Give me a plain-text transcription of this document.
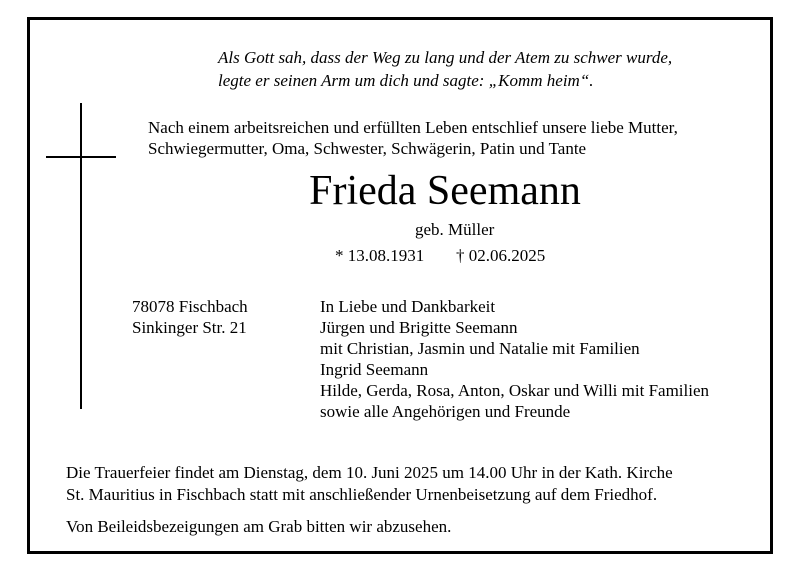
Als Gott sah, dass der Weg zu lang und der Atem zu schwer wurde,
legte er seinen Arm um dich und sagte: „Komm heim“.
Nach einem arbeitsreichen und erfüllten Leben entschlief unsere liebe Mutter,
Schwiegermutter, Oma, Schwester, Schwägerin, Patin und Tante
Frieda Seemann
geb. Müller
* 13.08.1931 † 02.06.2025
78078 Fischbach
Sinkinger Str. 21
In Liebe und Dankbarkeit
Jürgen und Brigitte Seemann
mit Christian, Jasmin und Natalie mit Familien
Ingrid Seemann
Hilde, Gerda, Rosa, Anton, Oskar und Willi mit Familien
sowie alle Angehörigen und Freunde
Die Trauerfeier findet am Dienstag, dem 10. Juni 2025 um 14.00 Uhr in der Kath. Kirche
St. Mauritius in Fischbach statt mit anschließender Urnenbeisetzung auf dem Friedhof.
Von Beileidsbezeigungen am Grab bitten wir abzusehen.
